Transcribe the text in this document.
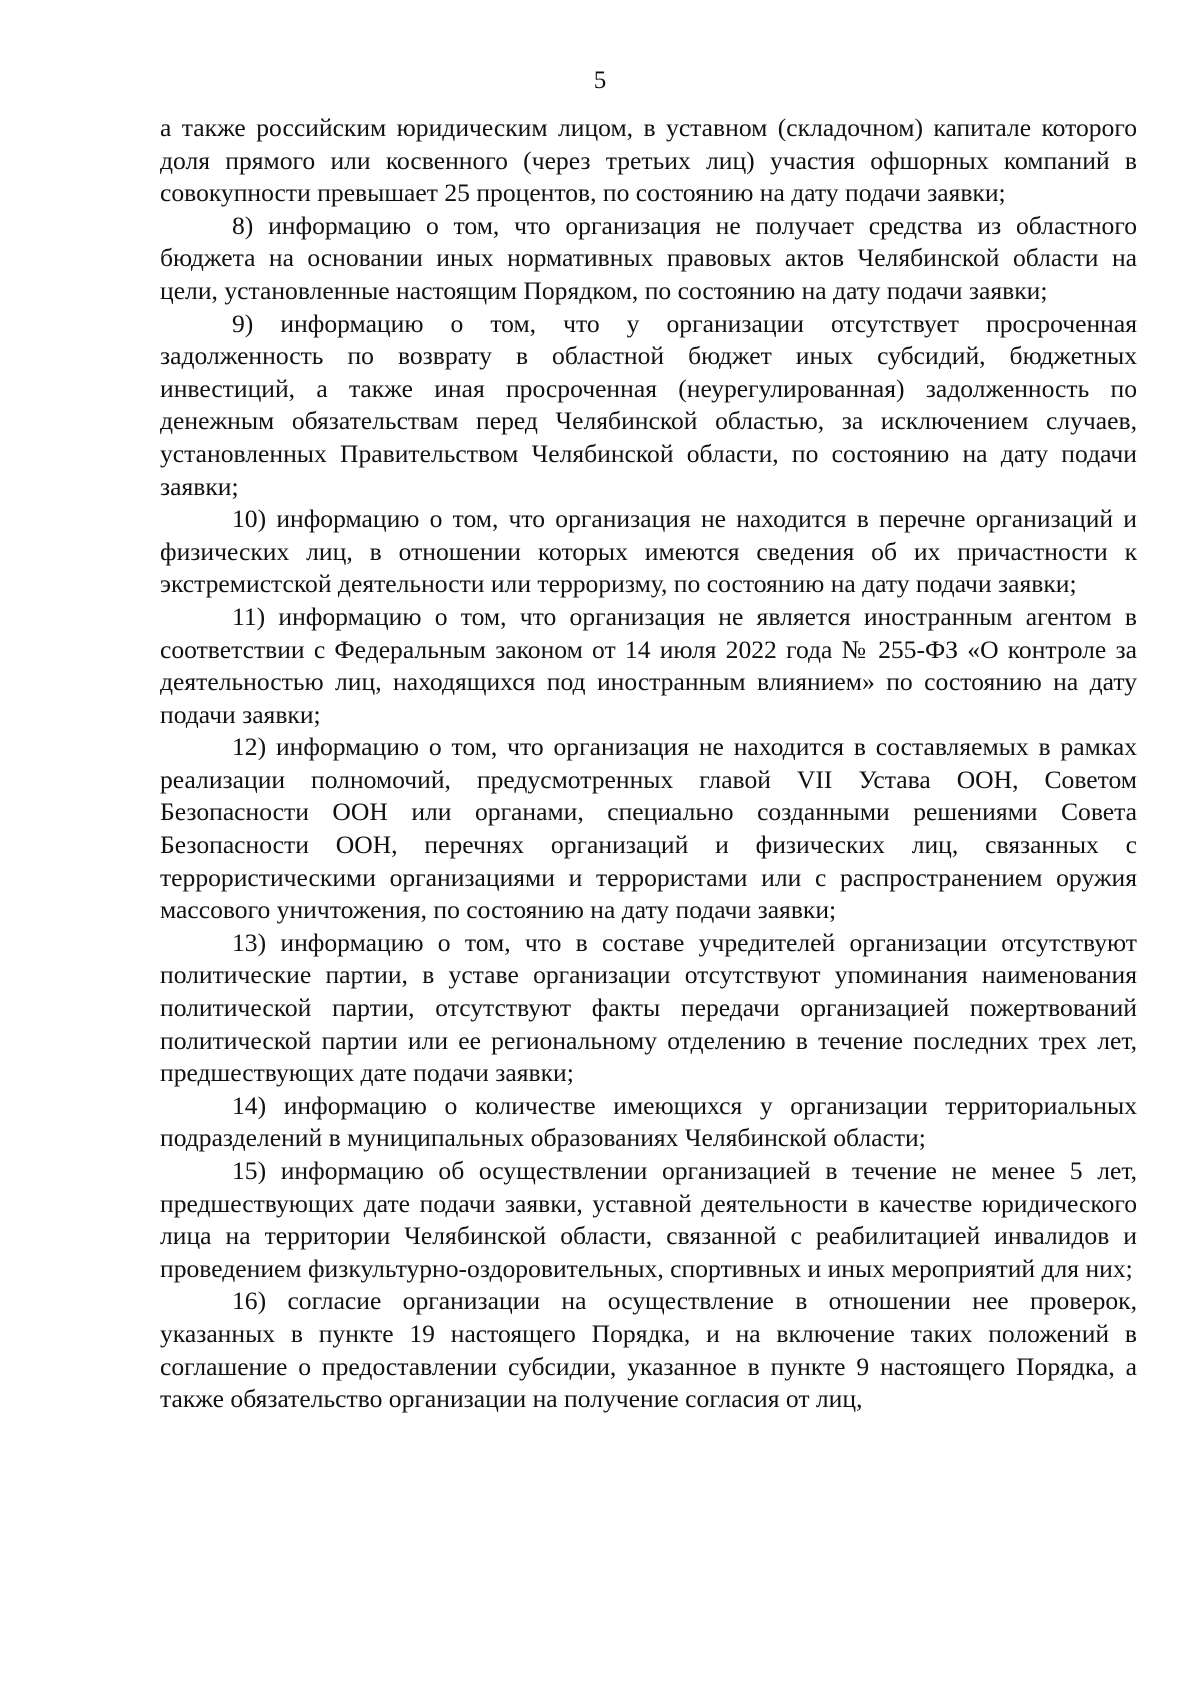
5

а также российским юридическим лицом, в уставном (складочном) капитале которого доля прямого или косвенного (через третьих лиц) участия офшорных компаний в совокупности превышает 25 процентов, по состоянию на дату подачи заявки;

8) информацию о том, что организация не получает средства из областного бюджета на основании иных нормативных правовых актов Челябинской области на цели, установленные настоящим Порядком, по состоянию на дату подачи заявки;

9) информацию о том, что у организации отсутствует просроченная задолженность по возврату в областной бюджет иных субсидий, бюджетных инвестиций, а также иная просроченная (неурегулированная) задолженность по денежным обязательствам перед Челябинской областью, за исключением случаев, установленных Правительством Челябинской области, по состоянию на дату подачи заявки;

10) информацию о том, что организация не находится в перечне организаций и физических лиц, в отношении которых имеются сведения об их причастности к экстремистской деятельности или терроризму, по состоянию на дату подачи заявки;

11) информацию о том, что организация не является иностранным агентом в соответствии с Федеральным законом от 14 июля 2022 года № 255-ФЗ «О контроле за деятельностью лиц, находящихся под иностранным влиянием» по состоянию на дату подачи заявки;

12) информацию о том, что организация не находится в составляемых в рамках реализации полномочий, предусмотренных главой VII Устава ООН, Советом Безопасности ООН или органами, специально созданными решениями Совета Безопасности ООН, перечнях организаций и физических лиц, связанных с террористическими организациями и террористами или с распространением оружия массового уничтожения, по состоянию на дату подачи заявки;

13) информацию о том, что в составе учредителей организации отсутствуют политические партии, в уставе организации отсутствуют упоминания наименования политической партии, отсутствуют факты передачи организацией пожертвований политической партии или ее региональному отделению в течение последних трех лет, предшествующих дате подачи заявки;

14) информацию о количестве имеющихся у организации территориальных подразделений в муниципальных образованиях Челябинской области;

15) информацию об осуществлении организацией в течение не менее 5 лет, предшествующих дате подачи заявки, уставной деятельности в качестве юридического лица на территории Челябинской области, связанной с реабилитацией инвалидов и проведением физкультурно-оздоровительных, спортивных и иных мероприятий для них;

16) согласие организации на осуществление в отношении нее проверок, указанных в пункте 19 настоящего Порядка, и на включение таких положений в соглашение о предоставлении субсидии, указанное в пункте 9 настоящего Порядка, а также обязательство организации на получение согласия от лиц,
